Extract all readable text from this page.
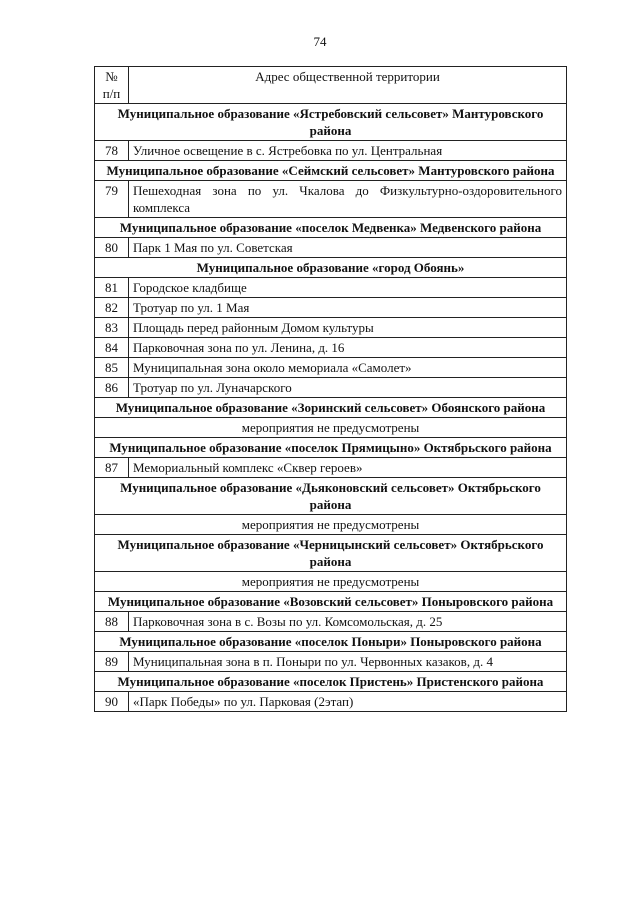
74
№
п/п	Адрес общественной территории
Муниципальное образование «Ястребовский сельсовет» Мантуровского района	
78	Уличное освещение в с. Ястребовка по ул. Центральная
Муниципальное образование «Сеймский сельсовет» Мантуровского района	
79	Пешеходная зона по ул. Чкалова до Физкультурно-оздоровительного комплекса
Муниципальное образование «поселок Медвенка» Медвенского района	
80	Парк 1 Мая по ул. Советская
Муниципальное образование «город Обоянь»	
81	Городское кладбище
82	Тротуар по ул. 1 Мая
83	Площадь перед районным Домом культуры
84	Парковочная зона по ул. Ленина, д. 16
85	Муниципальная зона около мемориала «Самолет»
86	Тротуар по ул. Луначарского
Муниципальное образование «Зоринский сельсовет» Обоянского района	
мероприятия не предусмотрены	
Муниципальное образование «поселок Прямицыно» Октябрьского района	
87	Мемориальный комплекс «Сквер героев»
Муниципальное образование «Дьяконовский сельсовет» Октябрьского района	
мероприятия не предусмотрены	
Муниципальное образование «Черницынский сельсовет» Октябрьского района	
мероприятия не предусмотрены	
Муниципальное образование «Возовский сельсовет» Поныровского района	
88	Парковочная зона в с. Возы по ул. Комсомольская, д. 25
Муниципальное образование «поселок Поныри» Поныровского района	
89	Муниципальная зона в п. Поныри по ул. Червонных казаков, д. 4
Муниципальное образование «поселок Пристень» Пристенского района	
90	«Парк Победы» по ул. Парковая (2этап)
